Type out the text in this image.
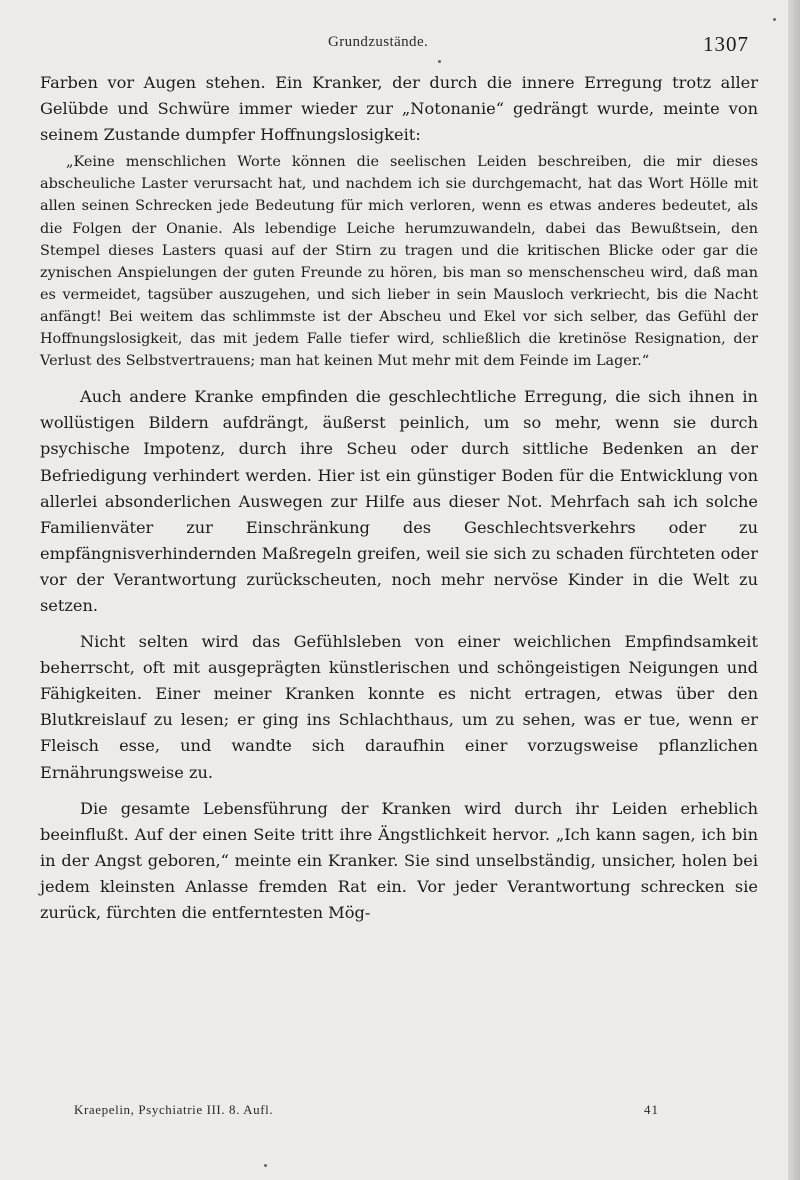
Grundzustände.	1307

Farben vor Augen stehen. Ein Kranker, der durch die innere Erregung trotz aller Gelübde und Schwüre immer wieder zur „Notonanie“ gedrängt wurde, meinte von seinem Zustande dumpfer Hoffnungslosigkeit:

„Keine menschlichen Worte können die seelischen Leiden beschreiben, die mir dieses abscheuliche Laster verursacht hat, und nachdem ich sie durchgemacht, hat das Wort Hölle mit allen seinen Schrecken jede Bedeutung für mich verloren, wenn es etwas anderes bedeutet, als die Folgen der Onanie. Als lebendige Leiche herumzuwandeln, dabei das Bewußtsein, den Stempel dieses Lasters quasi auf der Stirn zu tragen und die kritischen Blicke oder gar die zynischen Anspielungen der guten Freunde zu hören, bis man so menschenscheu wird, daß man es vermeidet, tagsüber auszugehen, und sich lieber in sein Mausloch verkriecht, bis die Nacht anfängt! Bei weitem das schlimmste ist der Abscheu und Ekel vor sich selber, das Gefühl der Hoffnungslosigkeit, das mit jedem Falle tiefer wird, schließlich die kretinöse Resignation, der Verlust des Selbstvertrauens; man hat keinen Mut mehr mit dem Feinde im Lager.“

Auch andere Kranke empfinden die geschlechtliche Erregung, die sich ihnen in wollüstigen Bildern aufdrängt, äußerst peinlich, um so mehr, wenn sie durch psychische Impotenz, durch ihre Scheu oder durch sittliche Bedenken an der Befriedigung verhindert werden. Hier ist ein günstiger Boden für die Entwicklung von allerlei absonderlichen Auswegen zur Hilfe aus dieser Not. Mehrfach sah ich solche Familienväter zur Einschränkung des Geschlechtsverkehrs oder zu empfängnisverhindernden Maßregeln greifen, weil sie sich zu schaden fürchteten oder vor der Verantwortung zurückscheuten, noch mehr nervöse Kinder in die Welt zu setzen.

Nicht selten wird das Gefühlsleben von einer weichlichen Empfindsamkeit beherrscht, oft mit ausgeprägten künstlerischen und schöngeistigen Neigungen und Fähigkeiten. Einer meiner Kranken konnte es nicht ertragen, etwas über den Blutkreislauf zu lesen; er ging ins Schlachthaus, um zu sehen, was er tue, wenn er Fleisch esse, und wandte sich daraufhin einer vorzugsweise pflanzlichen Ernährungsweise zu.

Die gesamte Lebensführung der Kranken wird durch ihr Leiden erheblich beeinflußt. Auf der einen Seite tritt ihre Ängstlichkeit hervor. „Ich kann sagen, ich bin in der Angst geboren,“ meinte ein Kranker. Sie sind unselbständig, unsicher, holen bei jedem kleinsten Anlasse fremden Rat ein. Vor jeder Verantwortung schrecken sie zurück, fürchten die entferntesten Mög-

Kraepelin, Psychiatrie III. 8. Aufl.	41
